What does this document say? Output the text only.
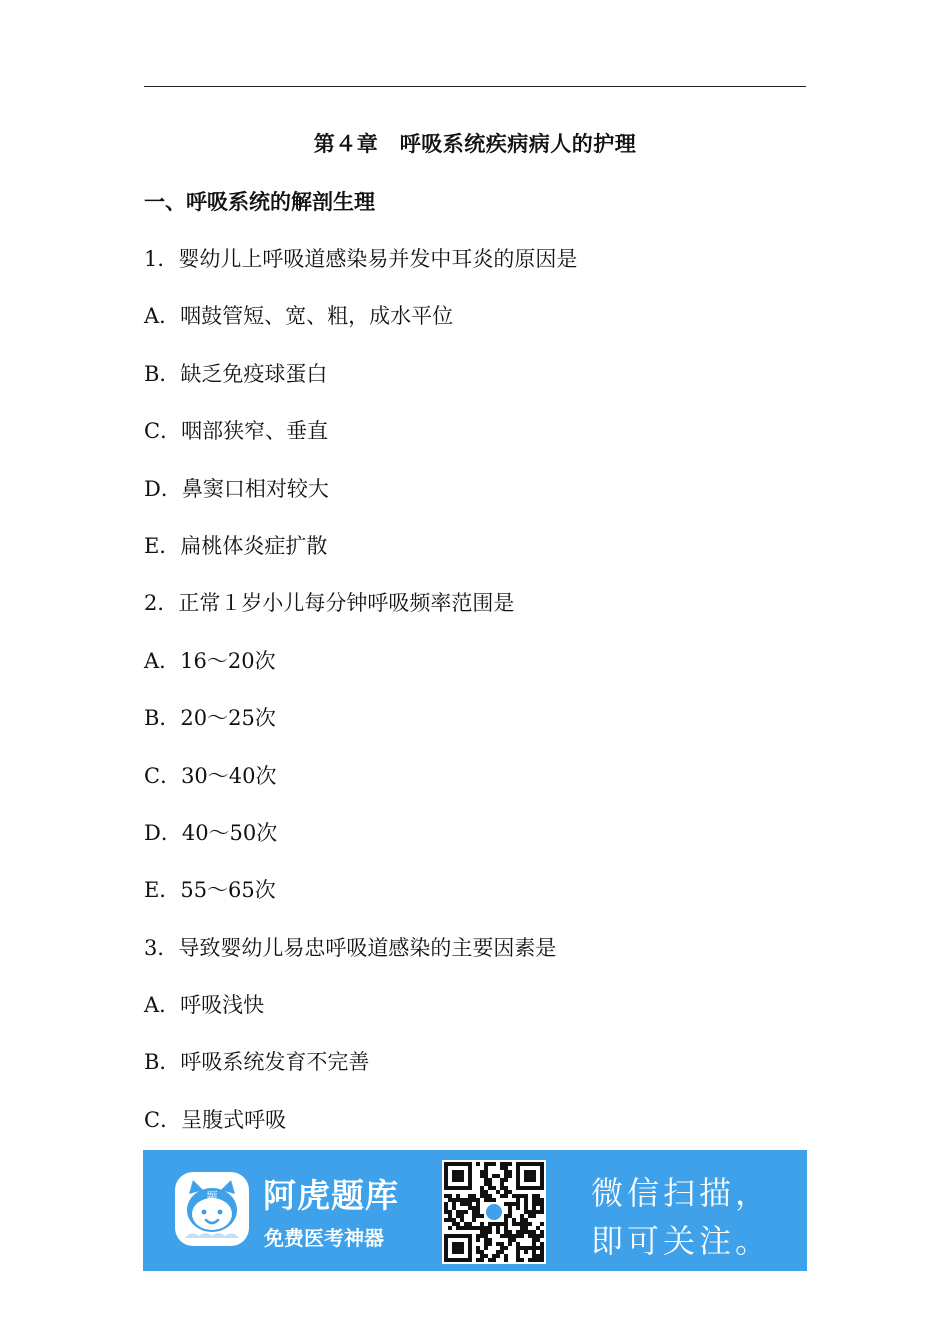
第４章　呼吸系统疾病病人的护理
一、呼吸系统的解剖生理
1．婴幼儿上呼吸道感染易并发中耳炎的原因是
A．咽鼓管短、宽、粗，成水平位
B．缺乏免疫球蛋白
C．咽部狭窄、垂直
D．鼻窦口相对较大
E．扁桃体炎症扩散
2．正常１岁小儿每分钟呼吸频率范围是
A．16～20次
B．20～25次
C．30～40次
D．40～50次
E．55～65次
3．导致婴幼儿易忠呼吸道感染的主要因素是
A．呼吸浅快
B．呼吸系统发育不完善
C．呈腹式呼吸
题 阿虎题库
免费医考神器
微信扫描，
即可关注。
